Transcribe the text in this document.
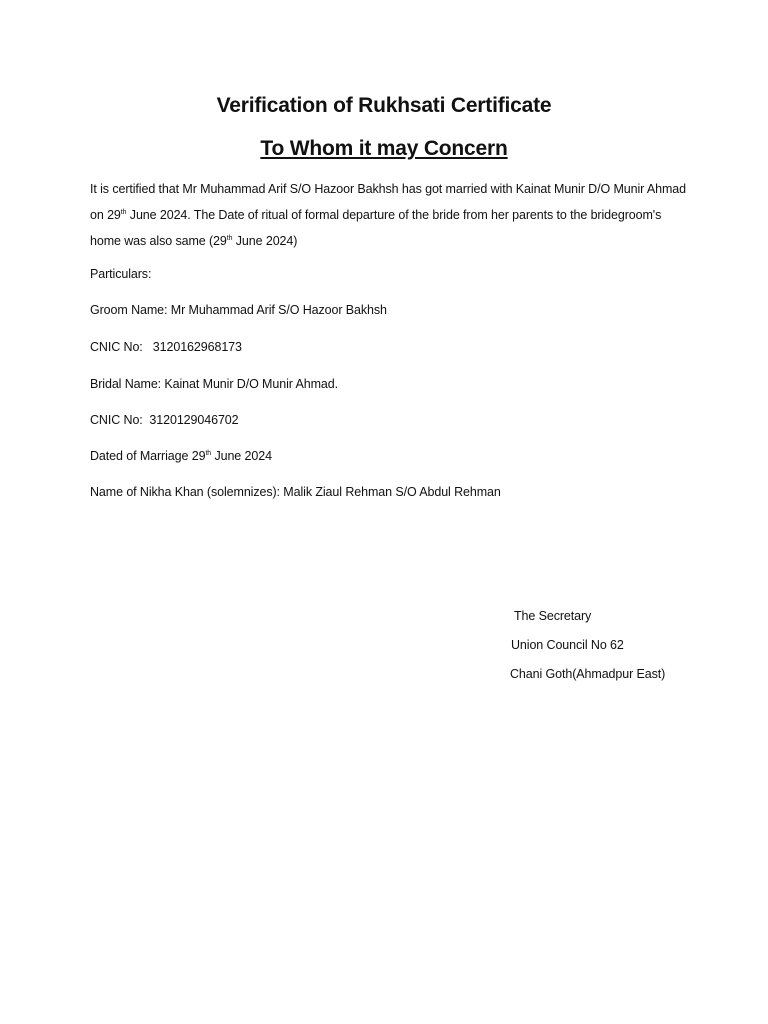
Verification of Rukhsati Certificate
To Whom it may Concern

It is certified that Mr Muhammad Arif S/O Hazoor Bakhsh has got married with Kainat Munir D/O Munir Ahmad on 29th June 2024. The Date of ritual of formal departure of the bride from her parents to the bridegroom's home was also same (29th June 2024)

Particulars:

Groom Name: Mr Muhammad Arif S/O Hazoor Bakhsh

CNIC No:   3120162968173

Bridal Name: Kainat Munir D/O Munir Ahmad.

CNIC No:  3120129046702

Dated of Marriage 29th June 2024

Name of Nikha Khan (solemnizes): Malik Ziaul Rehman S/O Abdul Rehman

The Secretary

Union Council No 62

Chani Goth(Ahmadpur East)
